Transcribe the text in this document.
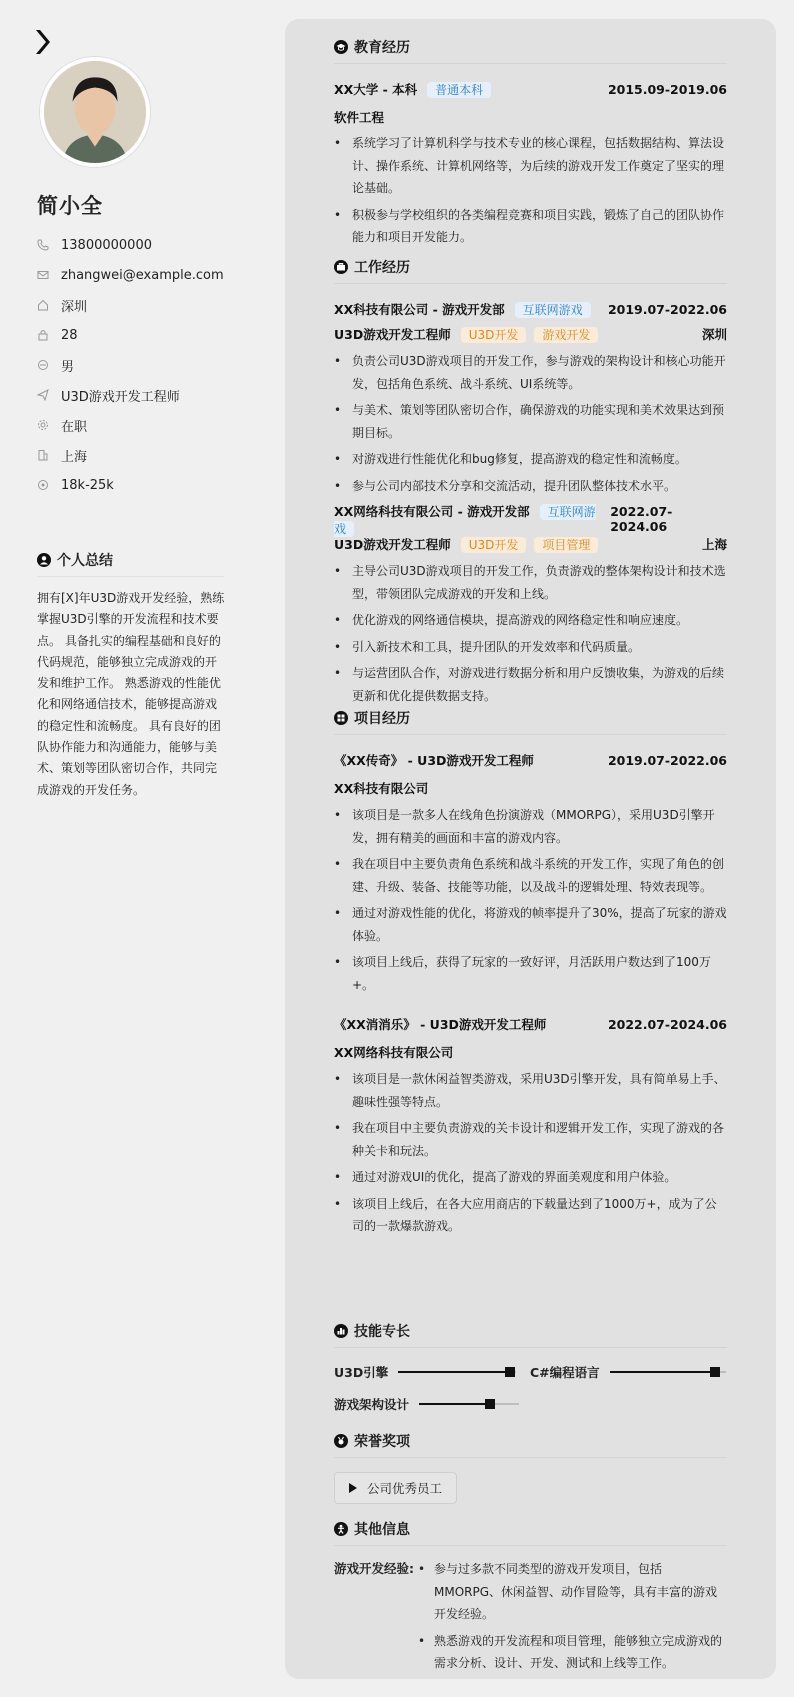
简小全
13800000000
zhangwei@example.com
深圳
28
男
U3D游戏开发工程师
在职
上海
18k-25k
个人总结
拥有[X]年U3D游戏开发经验，熟练掌握U3D引擎的开发流程和技术要点。 具备扎实的编程基础和良好的代码规范，能够独立完成游戏的开发和维护工作。 熟悉游戏的性能优化和网络通信技术，能够提高游戏的稳定性和流畅度。 具有良好的团队协作能力和沟通能力，能够与美术、策划等团队密切合作，共同完成游戏的开发任务。
教育经历
XX大学 - 本科 普通本科	2015.09-2019.06
软件工程
• 系统学习了计算机科学与技术专业的核心课程，包括数据结构、算法设计、操作系统、计算机网络等，为后续的游戏开发工作奠定了坚实的理论基础。
• 积极参与学校组织的各类编程竞赛和项目实践，锻炼了自己的团队协作能力和项目开发能力。
工作经历
XX科技有限公司 - 游戏开发部 互联网游戏	2019.07-2022.06
U3D游戏开发工程师 U3D开发 游戏开发	深圳
• 负责公司U3D游戏项目的开发工作，参与游戏的架构设计和核心功能开发，包括角色系统、战斗系统、UI系统等。
• 与美术、策划等团队密切合作，确保游戏的功能实现和美术效果达到预期目标。
• 对游戏进行性能优化和bug修复，提高游戏的稳定性和流畅度。
• 参与公司内部技术分享和交流活动，提升团队整体技术水平。
XX网络科技有限公司 - 游戏开发部 互联网游戏
2022.07-2024.06
U3D游戏开发工程师 U3D开发 项目管理	上海
• 主导公司U3D游戏项目的开发工作，负责游戏的整体架构设计和技术选型，带领团队完成游戏的开发和上线。
• 优化游戏的网络通信模块，提高游戏的网络稳定性和响应速度。
• 引入新技术和工具，提升团队的开发效率和代码质量。
• 与运营团队合作，对游戏进行数据分析和用户反馈收集，为游戏的后续更新和优化提供数据支持。
项目经历
《XX传奇》 - U3D游戏开发工程师	2019.07-2022.06
XX科技有限公司
• 该项目是一款多人在线角色扮演游戏（MMORPG），采用U3D引擎开发，拥有精美的画面和丰富的游戏内容。
• 我在项目中主要负责角色系统和战斗系统的开发工作，实现了角色的创建、升级、装备、技能等功能，以及战斗的逻辑处理、特效表现等。
• 通过对游戏性能的优化，将游戏的帧率提升了30%，提高了玩家的游戏体验。
• 该项目上线后，获得了玩家的一致好评，月活跃用户数达到了100万+。
《XX消消乐》 - U3D游戏开发工程师	2022.07-2024.06
XX网络科技有限公司
• 该项目是一款休闲益智类游戏，采用U3D引擎开发，具有简单易上手、趣味性强等特点。
• 我在项目中主要负责游戏的关卡设计和逻辑开发工作，实现了游戏的各种关卡和玩法。
• 通过对游戏UI的优化，提高了游戏的界面美观度和用户体验。
• 该项目上线后，在各大应用商店的下载量达到了1000万+，成为了公司的一款爆款游戏。
技能专长
U3D引擎	C#编程语言
游戏架构设计
荣誉奖项
公司优秀员工
其他信息
游戏开发经验:
•	参与过多款不同类型的游戏开发项目，包括MMORPG、休闲益智、动作冒险等，具有丰富的游戏开发经验。
• 熟悉游戏的开发流程和项目管理，能够独立完成游戏的需求分析、设计、开发、测试和上线等工作。
